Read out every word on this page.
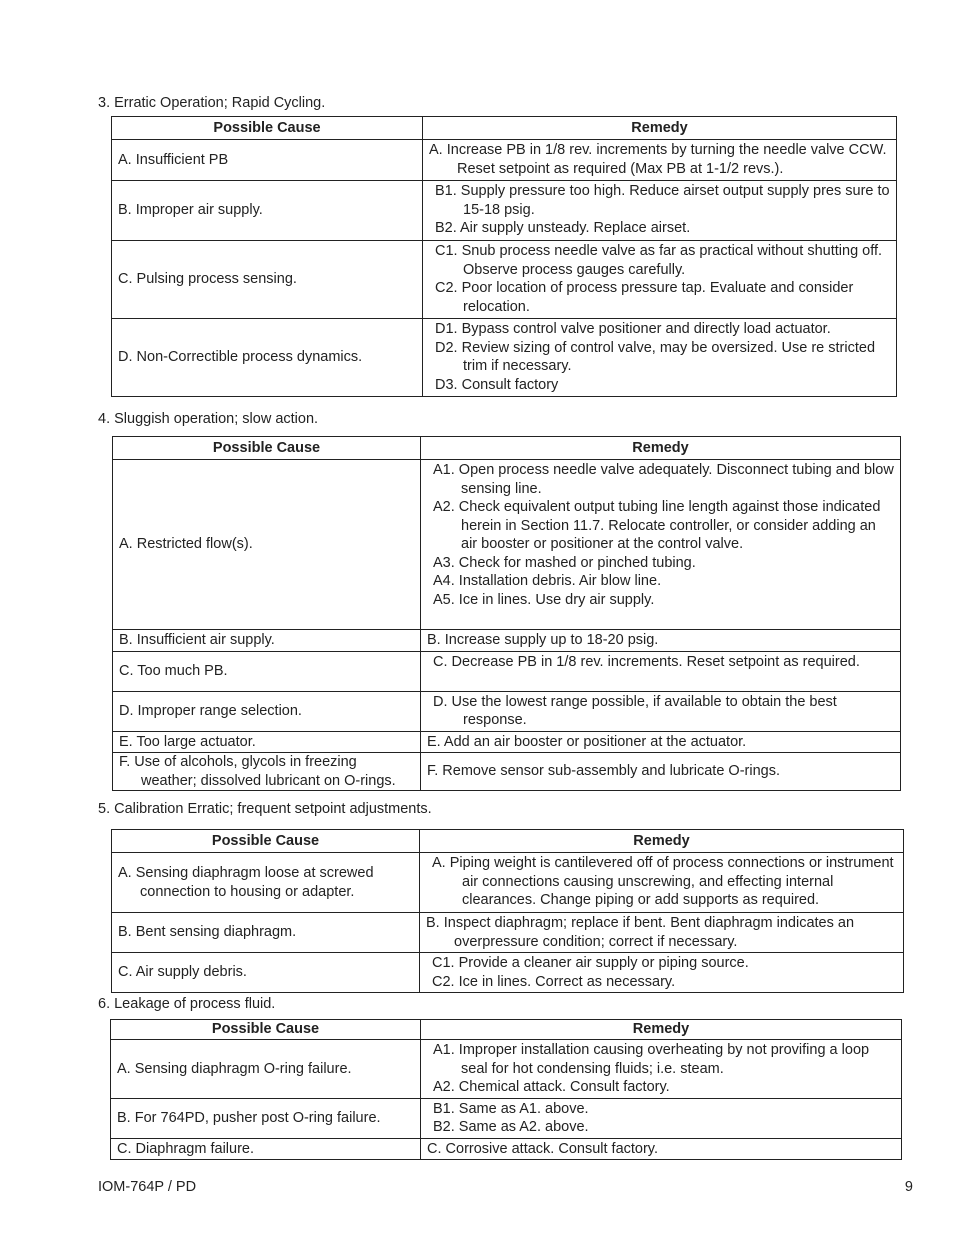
3. Erratic Operation; Rapid Cycling.
Possible Cause	Remedy

A. Insufficient PB	A. Increase PB in 1/8 rev. increments by turning the needle valve CCW. Reset setpoint as required (Max PB at 1-1/2 revs.).

B. Improper air supply.	B1. Supply pressure too high. Reduce airset output supply pres sure to 15-18 psig.
B2. Air supply unsteady. Replace airset.

C. Pulsing process sensing.	C1. Snub process needle valve as far as practical without shutting off. Observe process gauges carefully.
C2. Poor location of process pressure tap. Evaluate and consider relocation.

D. Non-Correctible process dynamics.	D1. Bypass control valve positioner and directly load actuator.
D2. Review sizing of control valve, may be oversized. Use re stricted trim if necessary.
D3. Consult factory
4. Sluggish operation; slow action.
Possible Cause	Remedy

A. Restricted flow(s).	A1. Open process needle valve adequately. Disconnect tubing and blow sensing line.
A2. Check equivalent output tubing line length against those indicated herein in Section 11.7. Relocate controller, or consider adding an air booster or positioner at the control valve.
A3. Check for mashed or pinched tubing.
A4. Installation debris. Air blow line.
A5. Ice in lines. Use dry air supply.

B. Insufficient air supply.	B. Increase supply up to 18-20 psig.

C. Too much PB.	C. Decrease PB in 1/8 rev. increments. Reset setpoint as required.

D. Improper range selection.	D. Use the lowest range possible, if available to obtain the best response.

E. Too large actuator.	E. Add an air booster or positioner at the actuator.

F. Use of alcohols, glycols in freezing weather; dissolved lubricant on O-rings.	F. Remove sensor sub-assembly and lubricate O-rings.
5. Calibration Erratic; frequent setpoint adjustments.
Possible Cause	Remedy

A. Sensing diaphragm loose at screwed connection to housing or adapter.	A. Piping weight is cantilevered off of process connections or instrument air connections causing unscrewing, and effecting internal clearances. Change piping or add supports as required.

B. Bent sensing diaphragm.	B. Inspect diaphragm; replace if bent. Bent diaphragm indicates an overpressure condition; correct if necessary.

C. Air supply debris.	C1. Provide a cleaner air supply or piping source.
C2. Ice in lines. Correct as necessary.
6. Leakage of process fluid.
Possible Cause	Remedy

A. Sensing diaphragm O-ring failure.	A1. Improper installation causing overheating by not provifing a loop seal for hot condensing fluids; i.e. steam.
A2. Chemical attack. Consult factory.

B. For 764PD, pusher post O-ring failure.	B1. Same as A1. above.
B2. Same as A2. above.

C. Diaphragm failure.	C. Corrosive attack. Consult factory.
IOM-764P / PD	9
